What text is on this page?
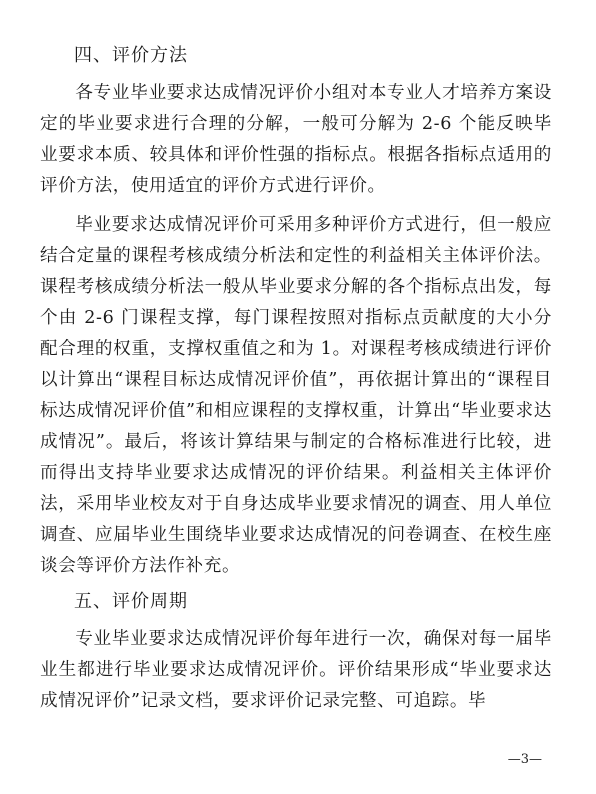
四、评价方法

各专业毕业要求达成情况评价小组对本专业人才培养方案设定的毕业要求进行合理的分解，一般可分解为 2-6 个能反映毕业要求本质、较具体和评价性强的指标点。根据各指标点适用的评价方法，使用适宜的评价方式进行评价。

毕业要求达成情况评价可采用多种评价方式进行，但一般应结合定量的课程考核成绩分析法和定性的利益相关主体评价法。课程考核成绩分析法一般从毕业要求分解的各个指标点出发，每个由 2-6 门课程支撑，每门课程按照对指标点贡献度的大小分配合理的权重，支撑权重值之和为 1。对课程考核成绩进行评价以计算出“课程目标达成情况评价值”，再依据计算出的“课程目标达成情况评价值”和相应课程的支撑权重，计算出“毕业要求达成情况”。最后，将该计算结果与制定的合格标准进行比较，进而得出支持毕业要求达成情况的评价结果。利益相关主体评价法，采用毕业校友对于自身达成毕业要求情况的调查、用人单位调查、应届毕业生围绕毕业要求达成情况的问卷调查、在校生座谈会等评价方法作补充。

五、评价周期

专业毕业要求达成情况评价每年进行一次，确保对每一届毕业生都进行毕业要求达成情况评价。评价结果形成“毕业要求达成情况评价”记录文档，要求评价记录完整、可追踪。毕

—3—
